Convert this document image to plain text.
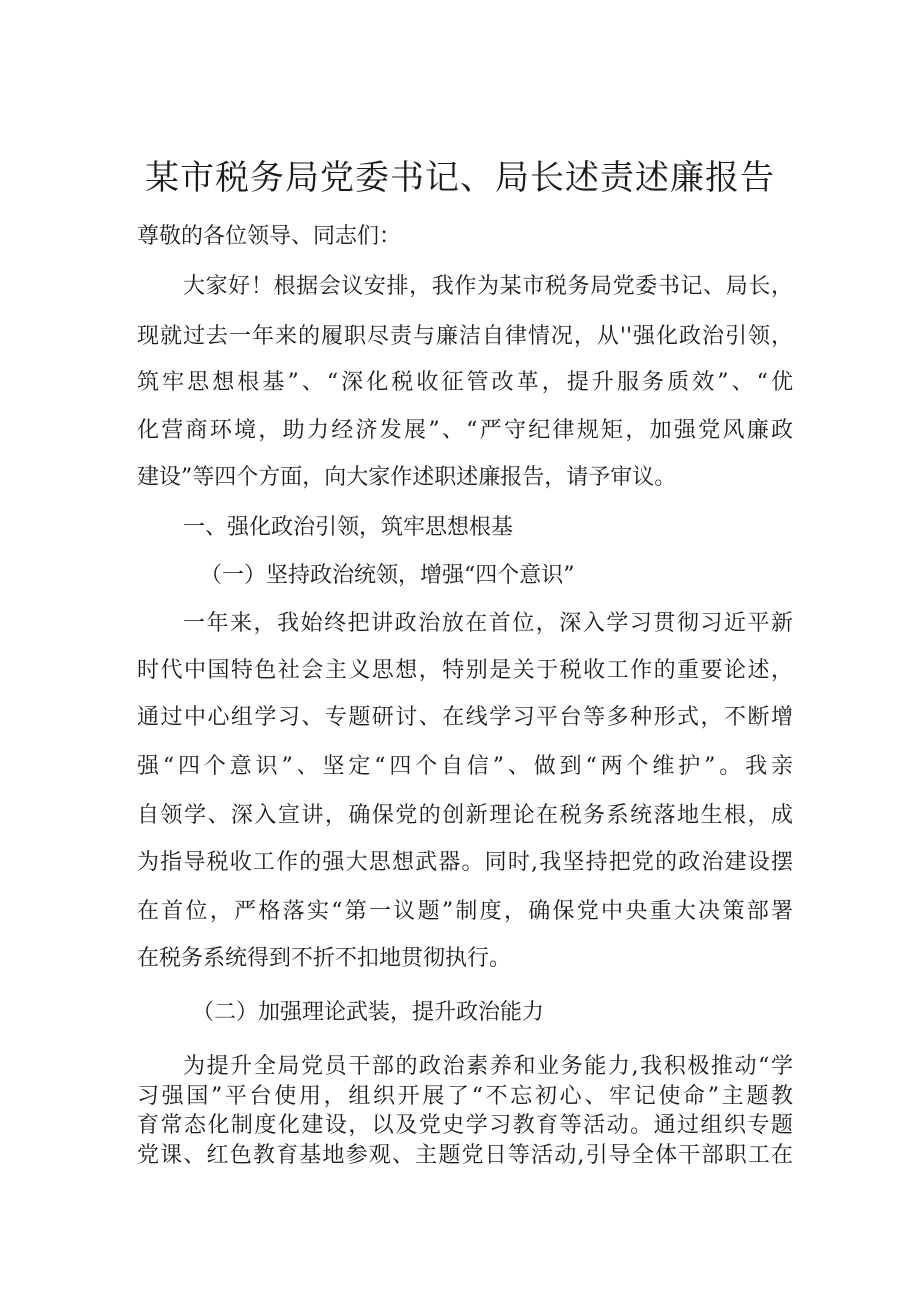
某市税务局党委书记、局长述责述廉报告

尊敬的各位领导、同志们：

大家好！根据会议安排，我作为某市税务局党委书记、局长，

现就过去一年来的履职尽责与廉洁自律情况，从''强化政治引领，

筑牢思想根基”、“深化税收征管改革，提升服务质效”、“优

化营商环境，助力经济发展”、“严守纪律规矩，加强党风廉政

建设”等四个方面，向大家作述职述廉报告，请予审议。

一、强化政治引领，筑牢思想根基

（一）坚持政治统领，增强“四个意识”

一年来，我始终把讲政治放在首位，深入学习贯彻习近平新

时代中国特色社会主义思想，特别是关于税收工作的重要论述，

通过中心组学习、专题研讨、在线学习平台等多种形式，不断增

强“四个意识”、坚定“四个自信”、做到“两个维护”。我亲

自领学、深入宣讲，确保党的创新理论在税务系统落地生根，成

为指导税收工作的强大思想武器。同时,我坚持把党的政治建设摆

在首位，严格落实“第一议题”制度，确保党中央重大决策部署

在税务系统得到不折不扣地贯彻执行。

（二）加强理论武装，提升政治能力

为提升全局党员干部的政治素养和业务能力,我积极推动“学

习强国”平台使用，组织开展了“不忘初心、牢记使命”主题教

育常态化制度化建设，以及党史学习教育等活动。通过组织专题

党课、红色教育基地参观、主题党日等活动,引导全体干部职工在
